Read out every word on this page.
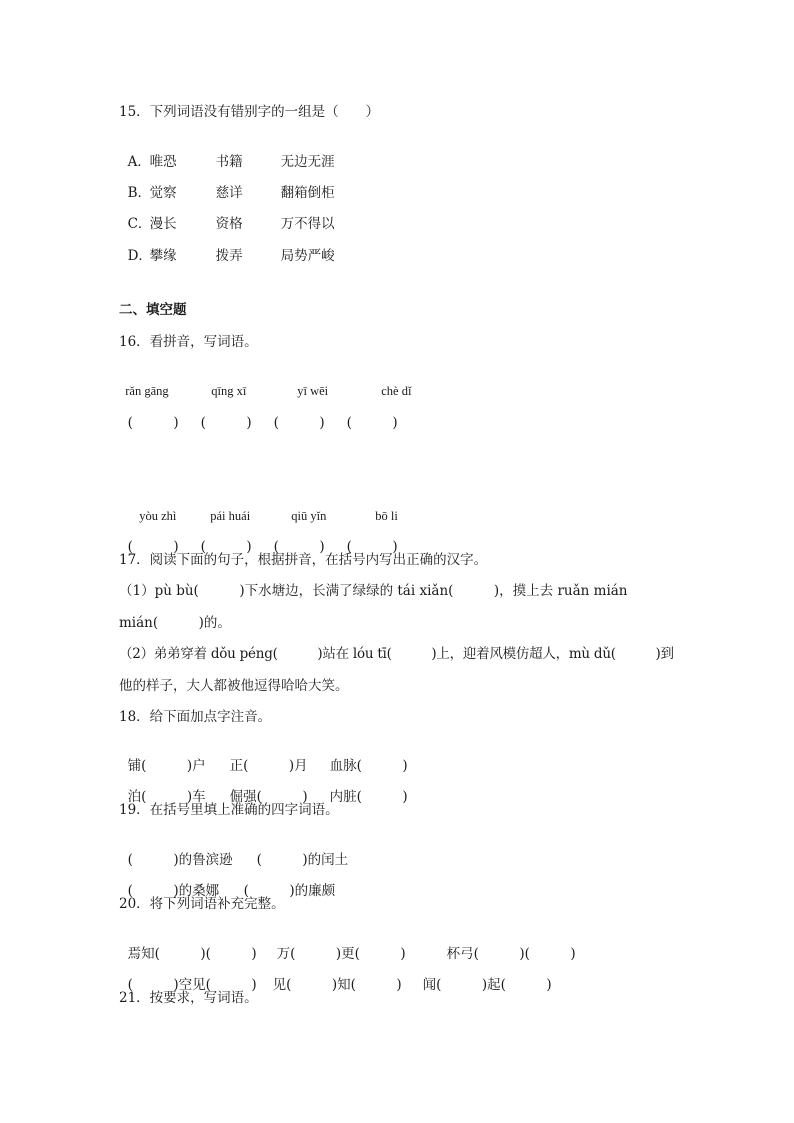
15．下列词语没有错别字的一组是（　　）

A．唯恐	书籍	无边无涯

B．觉察	慈详	翻箱倒柜

C．漫长	资格	万不得以

D．攀缘	拨弄	局势严峻

二、填空题
16．看拼音，写词语。

rǎn gāng	qīng xī	yī wēi	chè dǐ

(　　　) (　　　) (　　　) (　　　)

yòu zhì	pái huái	qiū yǐn	bō li

(　　　) (　　　) (　　　) (　　　)

17．阅读下面的句子，根据拼音，在括号内写出正确的汉字。
（1）pù bù(　　　)下水塘边，长满了绿绿的 tái xiǎn(　　　)，摸上去 ruǎn mián
mián(　　　)的。
（2）弟弟穿着 dǒu péng(　　　)站在 lóu tī(　　　)上，迎着风模仿超人，mù dǔ(　　　)到
他的样子，大人都被他逗得哈哈大笑。
18．给下面加点字注音。

铺(　　　)户 正(　　　)月 血脉(　　　)

泊(　　　)车 倔强(　　　) 内脏(　　　)

19．在括号里填上准确的四字词语。

(　　　)的鲁滨逊 (　　　)的闰土

(　　　)的桑娜 (　　　)的廉颇

20．将下列词语补充完整。

焉知(　　　)(　　　) 万(　　　)更(　　　)	杯弓(　　　)(　　　)

(　　　)空见(　　　) 见(　　　)知(　　　) 闻(　　　)起(　　　)

21．按要求，写词语。
